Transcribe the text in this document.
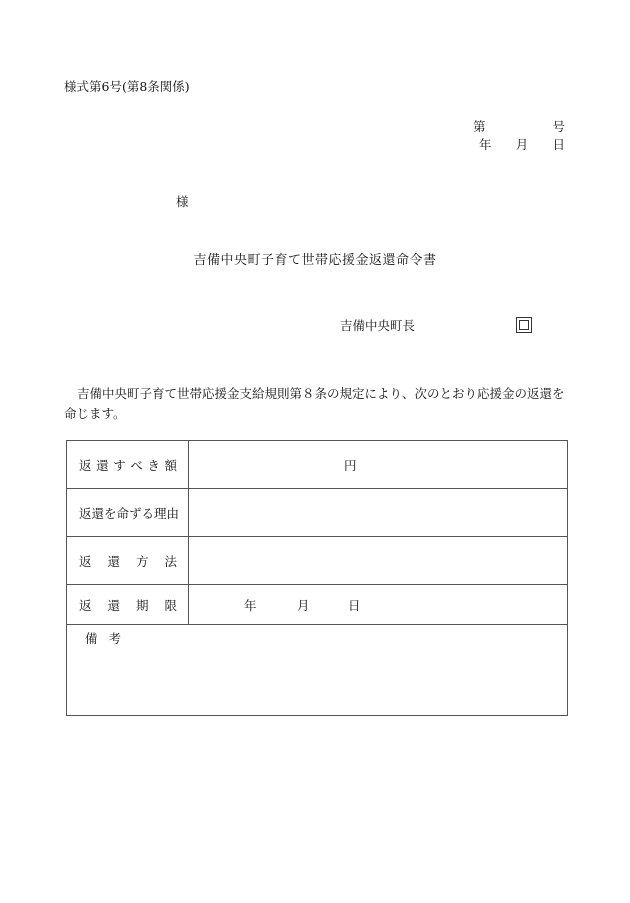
様式第6号(第8条関係)
第	号
年 月 日
様
吉備中央町子育て世帯応援金返還命令書
吉備中央町長
吉備中央町子育て世帯応援金支給規則第８条の規定により、次のとおり応援金の返還を命じます。
返 還 す べ き 額	円
返還を命ずる理由
返 還 方 法
返 還 期 限	年	月	日
備 考
